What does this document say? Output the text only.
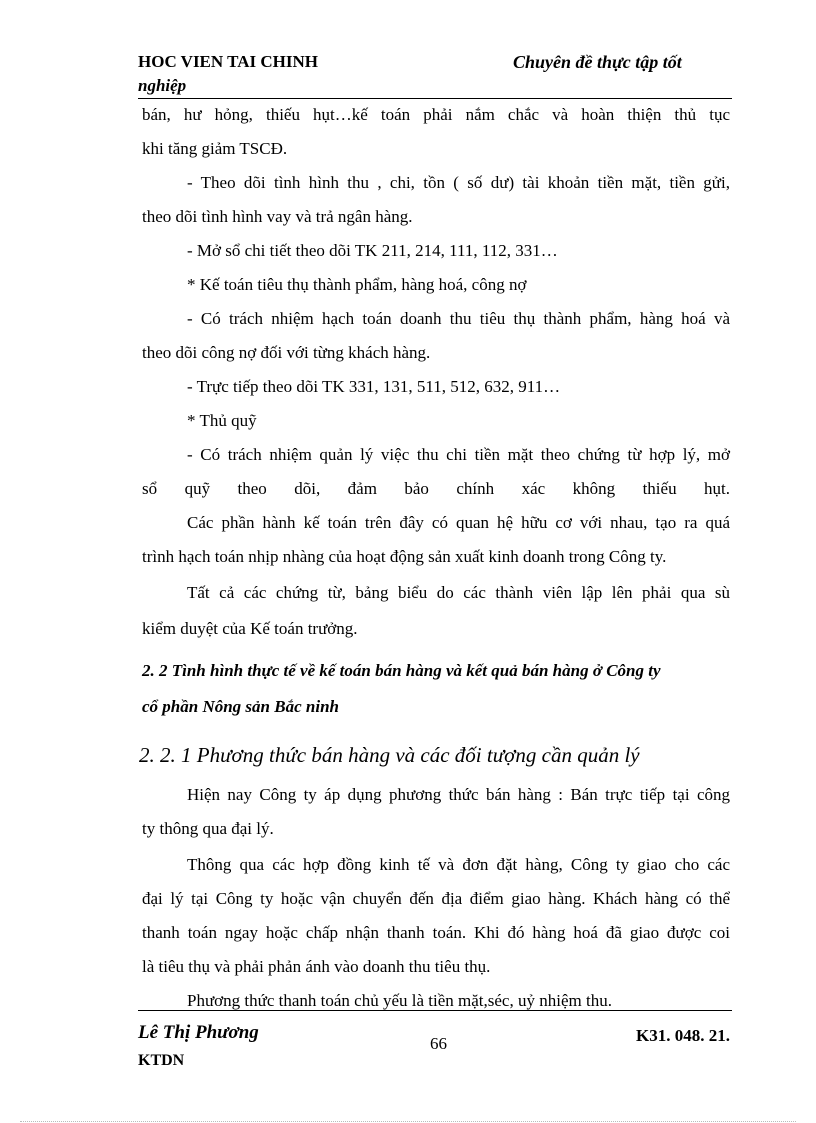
HOC VIEN TAI CHINH
nghiệp
Chuyên đề thực tập tốt
bán, hư hỏng, thiếu hụt…kế toán phải nắm chắc và hoàn thiện thủ tục
khi tăng giảm TSCĐ.
- Theo dõi tình hình thu , chi, tồn ( số dư) tài khoản tiền mặt, tiền gửi,
theo dõi tình hình vay và trả ngân hàng.
- Mở sổ chi tiết theo dõi TK 211, 214, 111, 112, 331…
* Kế toán tiêu thụ thành phẩm, hàng hoá, công nợ
- Có trách nhiệm hạch toán doanh thu tiêu thụ thành phẩm, hàng hoá và
theo dõi công nợ đối với từng khách hàng.
- Trực tiếp theo dõi TK 331, 131, 511, 512, 632, 911…
* Thủ quỹ
- Có trách nhiệm quản lý việc thu chi tiền mặt theo chứng từ hợp lý, mở
sổ quỹ theo dõi, đảm bảo chính xác không thiếu hụt.
Các phần hành kế toán trên đây có quan hệ hữu cơ với nhau, tạo ra quá
trình hạch toán nhịp nhàng của hoạt động sản xuất kinh doanh trong Công ty.
Tất cả các chứng từ, bảng biểu do các thành viên lập lên phải qua sù
kiểm duyệt của Kế toán trưởng.
2. 2 Tình hình thực tế về kế toán bán hàng và kết quả bán hàng ở Công ty
cổ phần Nông sản Bắc ninh
2. 2. 1 Phương thức bán hàng và các đối tượng cần quản lý
Hiện nay Công ty áp dụng phương thức bán hàng : Bán trực tiếp tại công
ty thông qua đại lý.
Thông qua các hợp đồng kinh tế và đơn đặt hàng, Công ty giao cho các
đại lý tại Công ty hoặc vận chuyển đến địa điểm giao hàng. Khách hàng có thể
thanh toán ngay hoặc chấp nhận thanh toán. Khi đó hàng hoá đã giao được coi
là tiêu thụ và phải phản ánh vào doanh thu tiêu thụ.
Phương thức thanh toán chủ yếu là tiền mặt,séc, uỷ nhiệm thu.
Lê Thị Phương
KTDN
66	K31. 048. 21.
